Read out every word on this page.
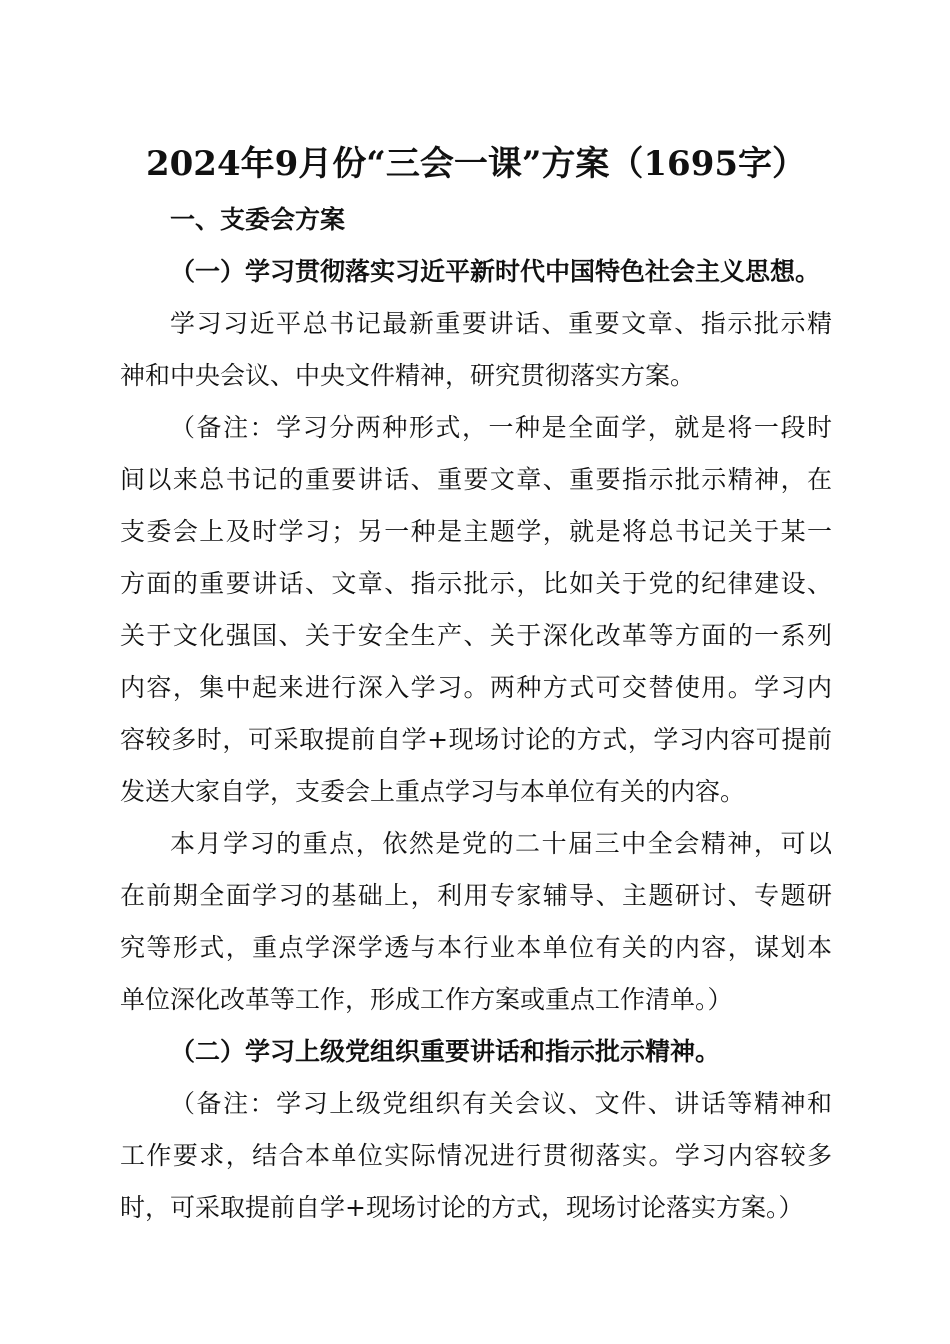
2024年9月份“三会一课”方案（1695字）

一、支委会方案

（一）学习贯彻落实习近平新时代中国特色社会主义思想。

学习习近平总书记最新重要讲话、重要文章、指示批示精
神和中央会议、中央文件精神，研究贯彻落实方案。
（备注：学习分两种形式，一种是全面学，就是将一段时
间以来总书记的重要讲话、重要文章、重要指示批示精神，在
支委会上及时学习；另一种是主题学，就是将总书记关于某一
方面的重要讲话、文章、指示批示，比如关于党的纪律建设、
关于文化强国、关于安全生产、关于深化改革等方面的一系列
内容，集中起来进行深入学习。两种方式可交替使用。学习内
容较多时，可采取提前自学+现场讨论的方式，学习内容可提前
发送大家自学，支委会上重点学习与本单位有关的内容。
本月学习的重点，依然是党的二十届三中全会精神，可以
在前期全面学习的基础上，利用专家辅导、主题研讨、专题研
究等形式，重点学深学透与本行业本单位有关的内容，谋划本
单位深化改革等工作，形成工作方案或重点工作清单。）

（二）学习上级党组织重要讲话和指示批示精神。

（备注：学习上级党组织有关会议、文件、讲话等精神和
工作要求，结合本单位实际情况进行贯彻落实。学习内容较多
时，可采取提前自学+现场讨论的方式，现场讨论落实方案。）
